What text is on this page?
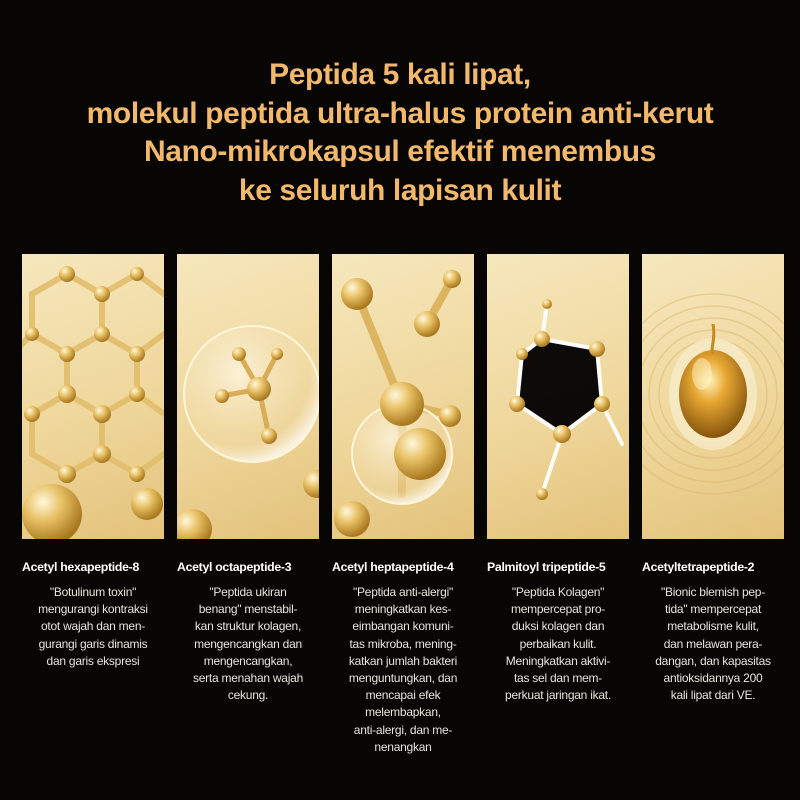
Peptida 5 kali lipat,
molekul peptida ultra-halus protein anti-kerut
Nano-mikrokapsul efektif menembus
ke seluruh lapisan kulit
Acetyl hexapeptide-8
"Botulinum toxin"
mengurangi kontraksi
otot wajah dan men-
gurangi garis dinamis
dan garis ekspresi
Acetyl octapeptide-3
"Peptida ukiran
benang" menstabil-
kan struktur kolagen,
mengencangkan dan
mengencangkan,
serta menahan wajah
cekung.
Acetyl heptapeptide-4
"Peptida anti-alergi"
meningkatkan kes-
eimbangan komuni-
tas mikroba, mening-
katkan jumlah bakteri
menguntungkan, dan
mencapai efek
melembapkan,
anti-alergi, dan me-
nenangkan
Palmitoyl tripeptide-5
"Peptida Kolagen"
mempercepat pro-
duksi kolagen dan
perbaikan kulit.
Meningkatkan aktivi-
tas sel dan mem-
perkuat jaringan ikat.
Acetyltetrapeptide-2
"Bionic blemish pep-
tida" mempercepat
metabolisme kulit,
dan melawan pera-
dangan, dan kapasitas
antioksidannya 200
kali lipat dari VE.
